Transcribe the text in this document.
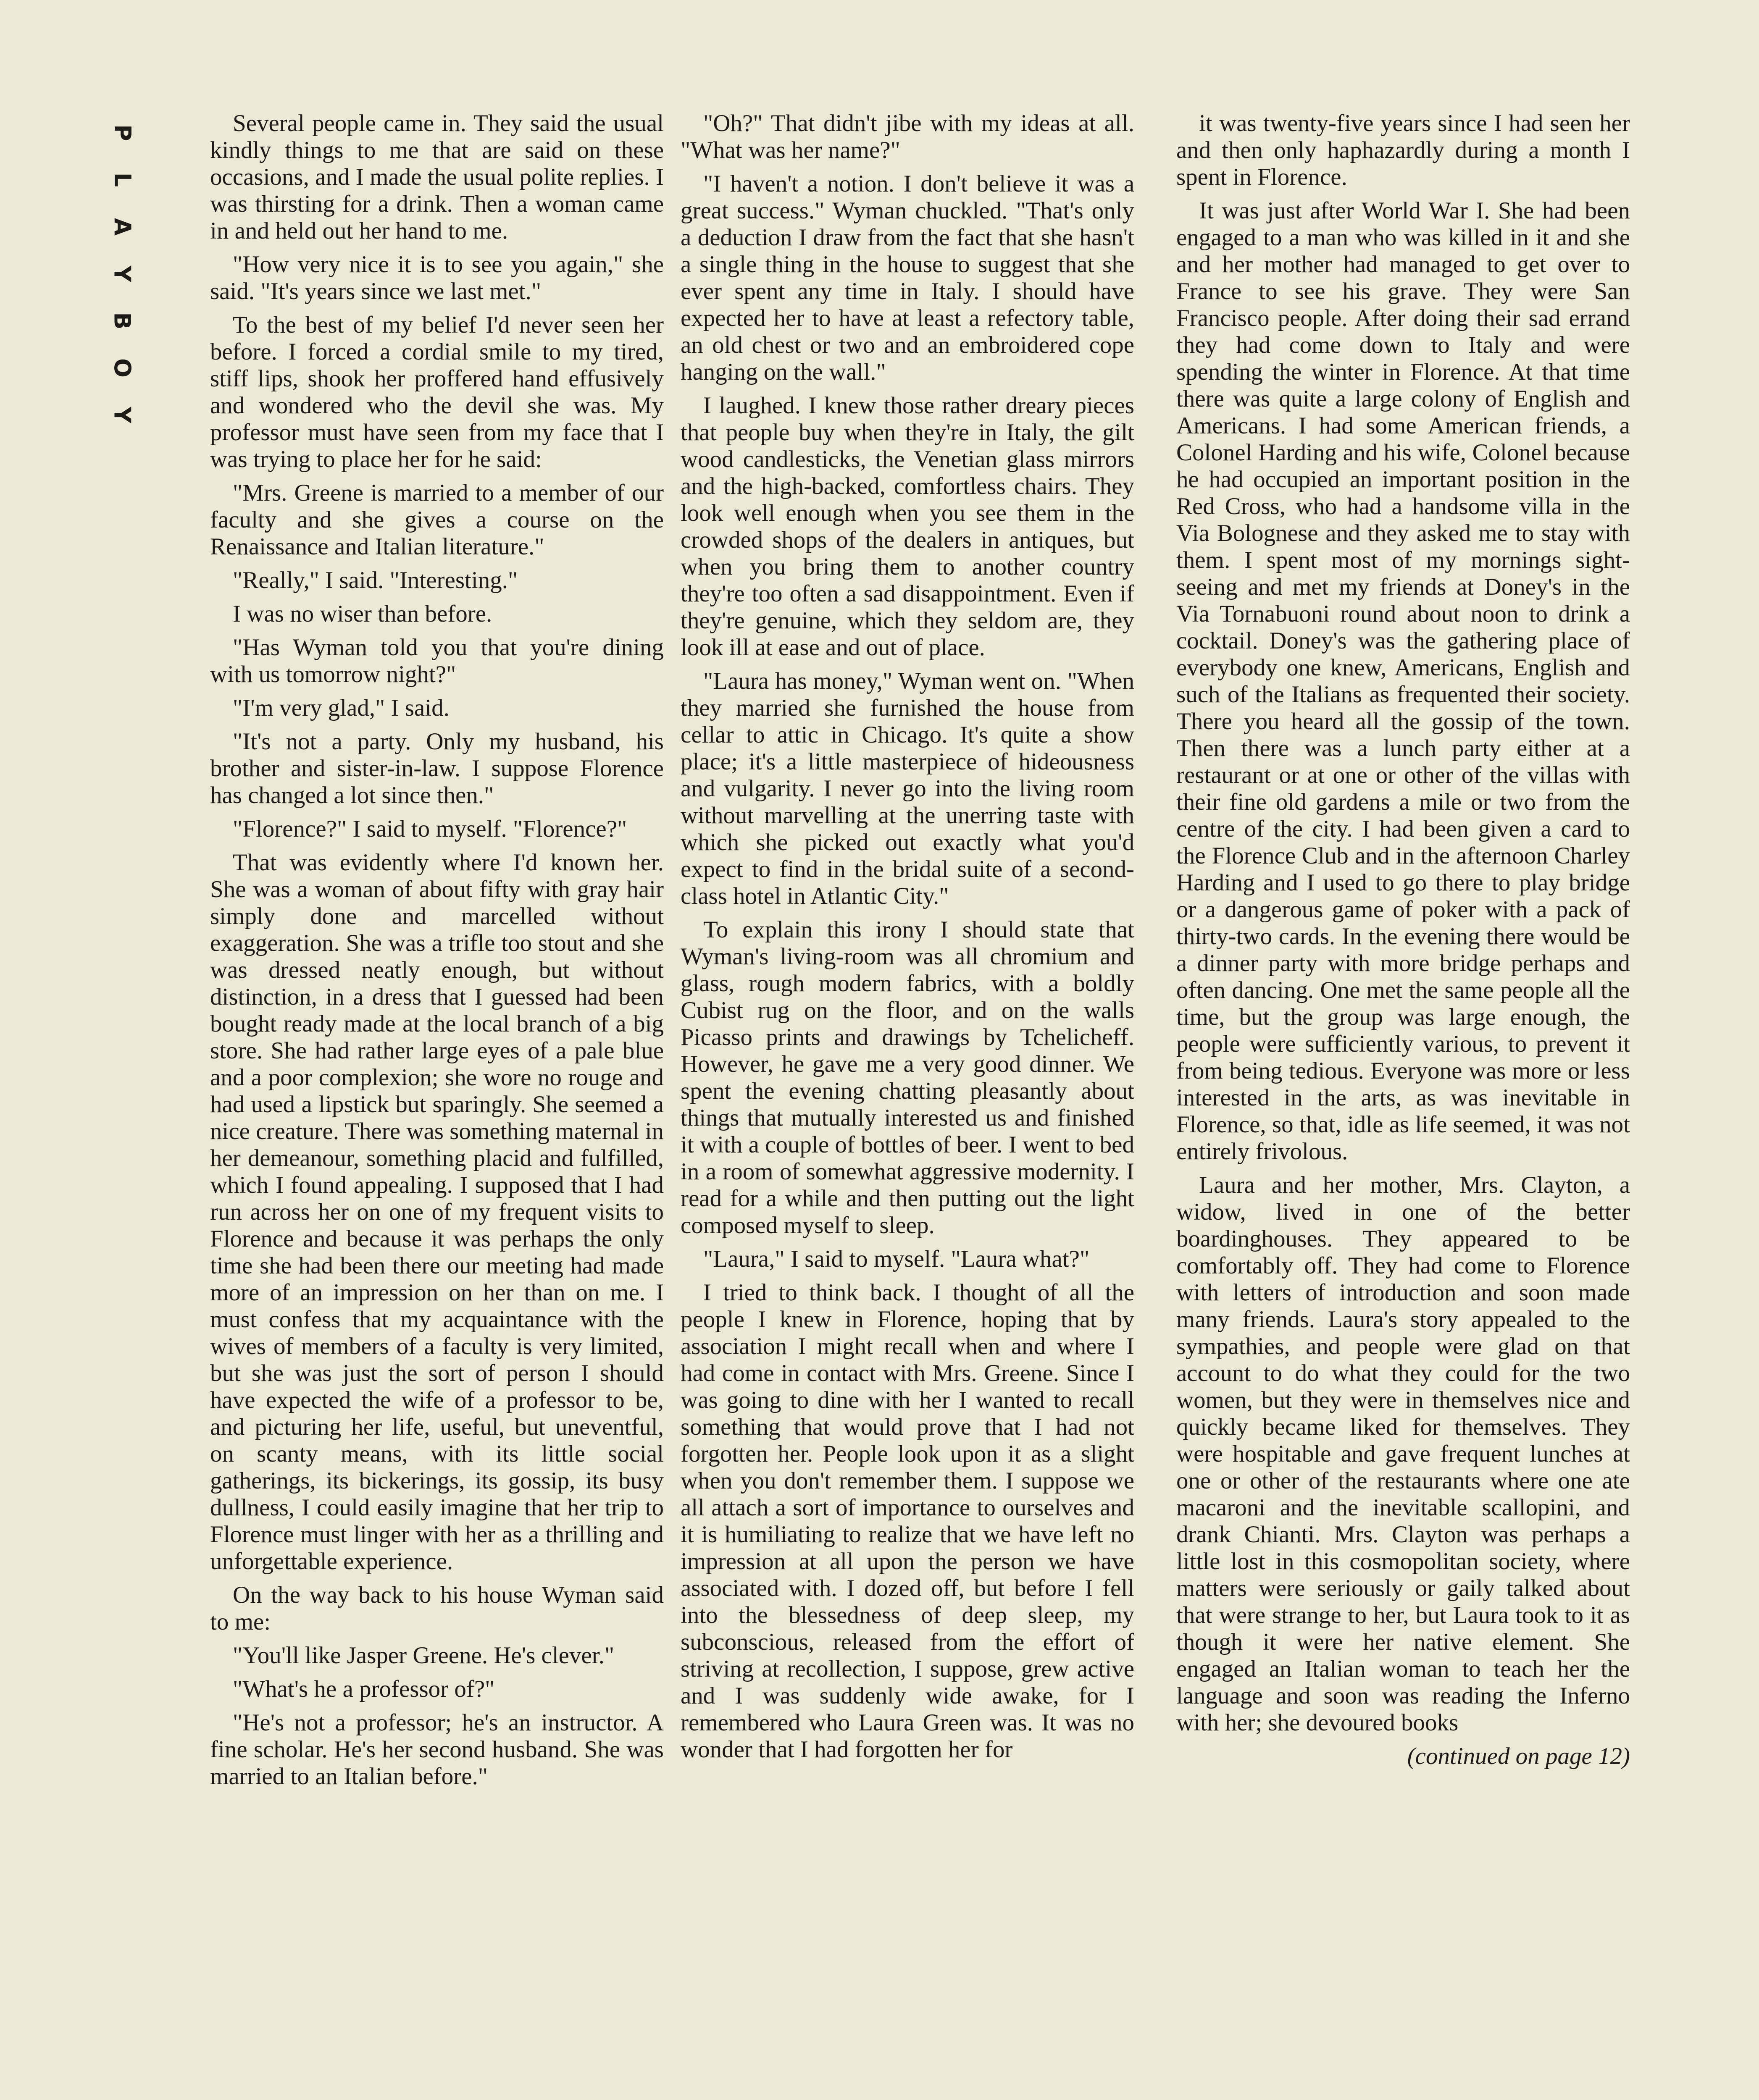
P
L
A
Y
B
O
Y

Several people came in. They said the usual kindly things to me that are said on these occasions, and I made the usual polite replies. I was thirsting for a drink. Then a woman came in and held out her hand to me.

"How very nice it is to see you again," she said. "It's years since we last met."

To the best of my belief I'd never seen her before. I forced a cordial smile to my tired, stiff lips, shook her proffered hand effusively and wondered who the devil she was. My professor must have seen from my face that I was trying to place her for he said:

"Mrs. Greene is married to a member of our faculty and she gives a course on the Renaissance and Italian literature."

"Really," I said. "Interesting."

I was no wiser than before.

"Has Wyman told you that you're dining with us tomorrow night?"

"I'm very glad," I said.

"It's not a party. Only my husband, his brother and sister-in-law. I suppose Florence has changed a lot since then."

"Florence?" I said to myself. "Florence?"

That was evidently where I'd known her. She was a woman of about fifty with gray hair simply done and marcelled without exaggeration. She was a trifle too stout and she was dressed neatly enough, but without distinction, in a dress that I guessed had been bought ready made at the local branch of a big store. She had rather large eyes of a pale blue and a poor complexion; she wore no rouge and had used a lipstick but sparingly. She seemed a nice creature. There was something maternal in her demeanour, something placid and fulfilled, which I found appealing. I supposed that I had run across her on one of my frequent visits to Florence and because it was perhaps the only time she had been there our meeting had made more of an impression on her than on me. I must confess that my acquaintance with the wives of members of a faculty is very limited, but she was just the sort of person I should have expected the wife of a professor to be, and picturing her life, useful, but uneventful, on scanty means, with its little social gatherings, its bickerings, its gossip, its busy dullness, I could easily imagine that her trip to Florence must linger with her as a thrilling and unforgettable experience.

On the way back to his house Wyman said to me:

"You'll like Jasper Greene. He's clever."

"What's he a professor of?"

"He's not a professor; he's an instructor. A fine scholar. He's her second husband. She was married to an Italian before."

"Oh?" That didn't jibe with my ideas at all. "What was her name?"

"I haven't a notion. I don't believe it was a great success." Wyman chuckled. "That's only a deduction I draw from the fact that she hasn't a single thing in the house to suggest that she ever spent any time in Italy. I should have expected her to have at least a refectory table, an old chest or two and an embroidered cope hanging on the wall."

I laughed. I knew those rather dreary pieces that people buy when they're in Italy, the gilt wood candlesticks, the Venetian glass mirrors and the high-backed, comfortless chairs. They look well enough when you see them in the crowded shops of the dealers in antiques, but when you bring them to another country they're too often a sad disappointment. Even if they're genuine, which they seldom are, they look ill at ease and out of place.

"Laura has money," Wyman went on. "When they married she furnished the house from cellar to attic in Chicago. It's quite a show place; it's a little masterpiece of hideousness and vulgarity. I never go into the living room without marvelling at the unerring taste with which she picked out exactly what you'd expect to find in the bridal suite of a second-class hotel in Atlantic City."

To explain this irony I should state that Wyman's living-room was all chromium and glass, rough modern fabrics, with a boldly Cubist rug on the floor, and on the walls Picasso prints and drawings by Tchelicheff. However, he gave me a very good dinner. We spent the evening chatting pleasantly about things that mutually interested us and finished it with a couple of bottles of beer. I went to bed in a room of somewhat aggressive modernity. I read for a while and then putting out the light composed myself to sleep.

"Laura," I said to myself. "Laura what?"

I tried to think back. I thought of all the people I knew in Florence, hoping that by association I might recall when and where I had come in contact with Mrs. Greene. Since I was going to dine with her I wanted to recall something that would prove that I had not forgotten her. People look upon it as a slight when you don't remember them. I suppose we all attach a sort of importance to ourselves and it is humiliating to realize that we have left no impression at all upon the person we have associated with. I dozed off, but before I fell into the blessedness of deep sleep, my subconscious, released from the effort of striving at recollection, I suppose, grew active and I was suddenly wide awake, for I remembered who Laura Green was. It was no wonder that I had forgotten her for

it was twenty-five years since I had seen her and then only haphazardly during a month I spent in Florence.

It was just after World War I. She had been engaged to a man who was killed in it and she and her mother had managed to get over to France to see his grave. They were San Francisco people. After doing their sad errand they had come down to Italy and were spending the winter in Florence. At that time there was quite a large colony of English and Americans. I had some American friends, a Colonel Harding and his wife, Colonel because he had occupied an important position in the Red Cross, who had a handsome villa in the Via Bolognese and they asked me to stay with them. I spent most of my mornings sight-seeing and met my friends at Doney's in the Via Tornabuoni round about noon to drink a cocktail. Doney's was the gathering place of everybody one knew, Americans, English and such of the Italians as frequented their society. There you heard all the gossip of the town. Then there was a lunch party either at a restaurant or at one or other of the villas with their fine old gardens a mile or two from the centre of the city. I had been given a card to the Florence Club and in the afternoon Charley Harding and I used to go there to play bridge or a dangerous game of poker with a pack of thirty-two cards. In the evening there would be a dinner party with more bridge perhaps and often dancing. One met the same people all the time, but the group was large enough, the people were sufficiently various, to prevent it from being tedious. Everyone was more or less interested in the arts, as was inevitable in Florence, so that, idle as life seemed, it was not entirely frivolous.

Laura and her mother, Mrs. Clayton, a widow, lived in one of the better boardinghouses. They appeared to be comfortably off. They had come to Florence with letters of introduction and soon made many friends. Laura's story appealed to the sympathies, and people were glad on that account to do what they could for the two women, but they were in themselves nice and quickly became liked for themselves. They were hospitable and gave frequent lunches at one or other of the restaurants where one ate macaroni and the inevitable scallopini, and drank Chianti. Mrs. Clayton was perhaps a little lost in this cosmopolitan society, where matters were seriously or gaily talked about that were strange to her, but Laura took to it as though it were her native element. She engaged an Italian woman to teach her the language and soon was reading the Inferno with her; she devoured books

(continued on page 12)
